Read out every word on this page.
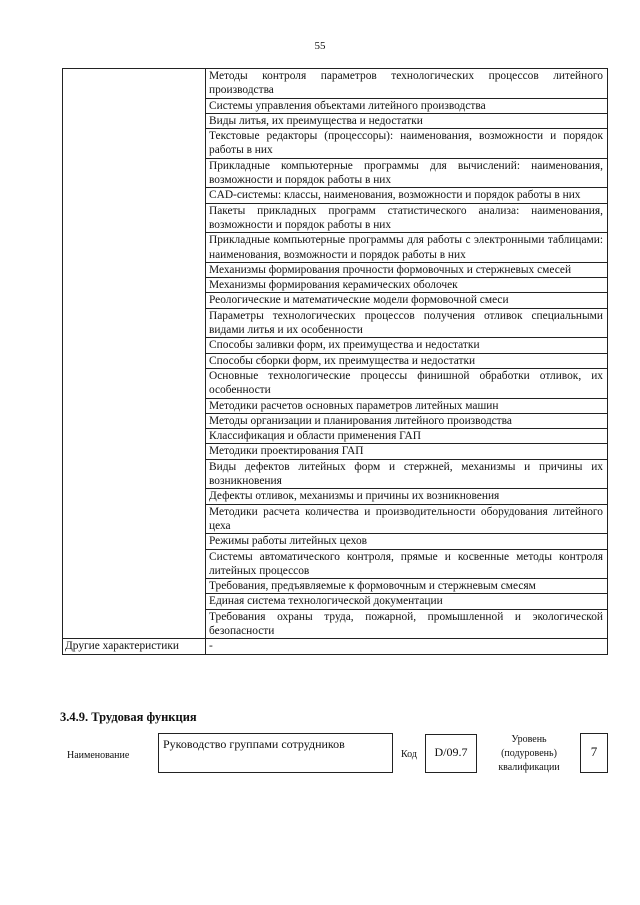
55
	Методы контроля параметров технологических процессов литейного производства
	Системы управления объектами литейного производства
	Виды литья, их преимущества и недостатки
	Текстовые редакторы (процессоры): наименования, возможности и порядок работы в них
	Прикладные компьютерные программы для вычислений: наименования, возможности и порядок работы в них
	CAD-системы: классы, наименования, возможности и порядок работы в них
	Пакеты прикладных программ статистического анализа: наименования, возможности и порядок работы в них
	Прикладные компьютерные программы для работы с электронными таблицами: наименования, возможности и порядок работы в них
	Механизмы формирования прочности формовочных и стержневых смесей
	Механизмы формирования керамических оболочек
	Реологические и математические модели формовочной смеси
	Параметры технологических процессов получения отливок специальными видами литья и их особенности
	Способы заливки форм, их преимущества и недостатки
	Способы сборки форм, их преимущества и недостатки
	Основные технологические процессы финишной обработки отливок, их особенности
	Методики расчетов основных параметров литейных машин
	Методы организации и планирования литейного производства
	Классификация и области применения ГАП
	Методики проектирования ГАП
	Виды дефектов литейных форм и стержней, механизмы и причины их возникновения
	Дефекты отливок, механизмы и причины их возникновения
	Методики расчета количества и производительности оборудования литейного цеха
	Режимы работы литейных цехов
	Системы автоматического контроля, прямые и косвенные методы контроля литейных процессов
	Требования, предъявляемые к формовочным и стержневым смесям
	Единая система технологической документации
	Требования охраны труда, пожарной, промышленной и экологической безопасности
Другие характеристики	-
3.4.9. Трудовая функция
Наименование
Руководство группами сотрудников
Код	D/09.7
Уровень
(подуровень)
квалификации
7
